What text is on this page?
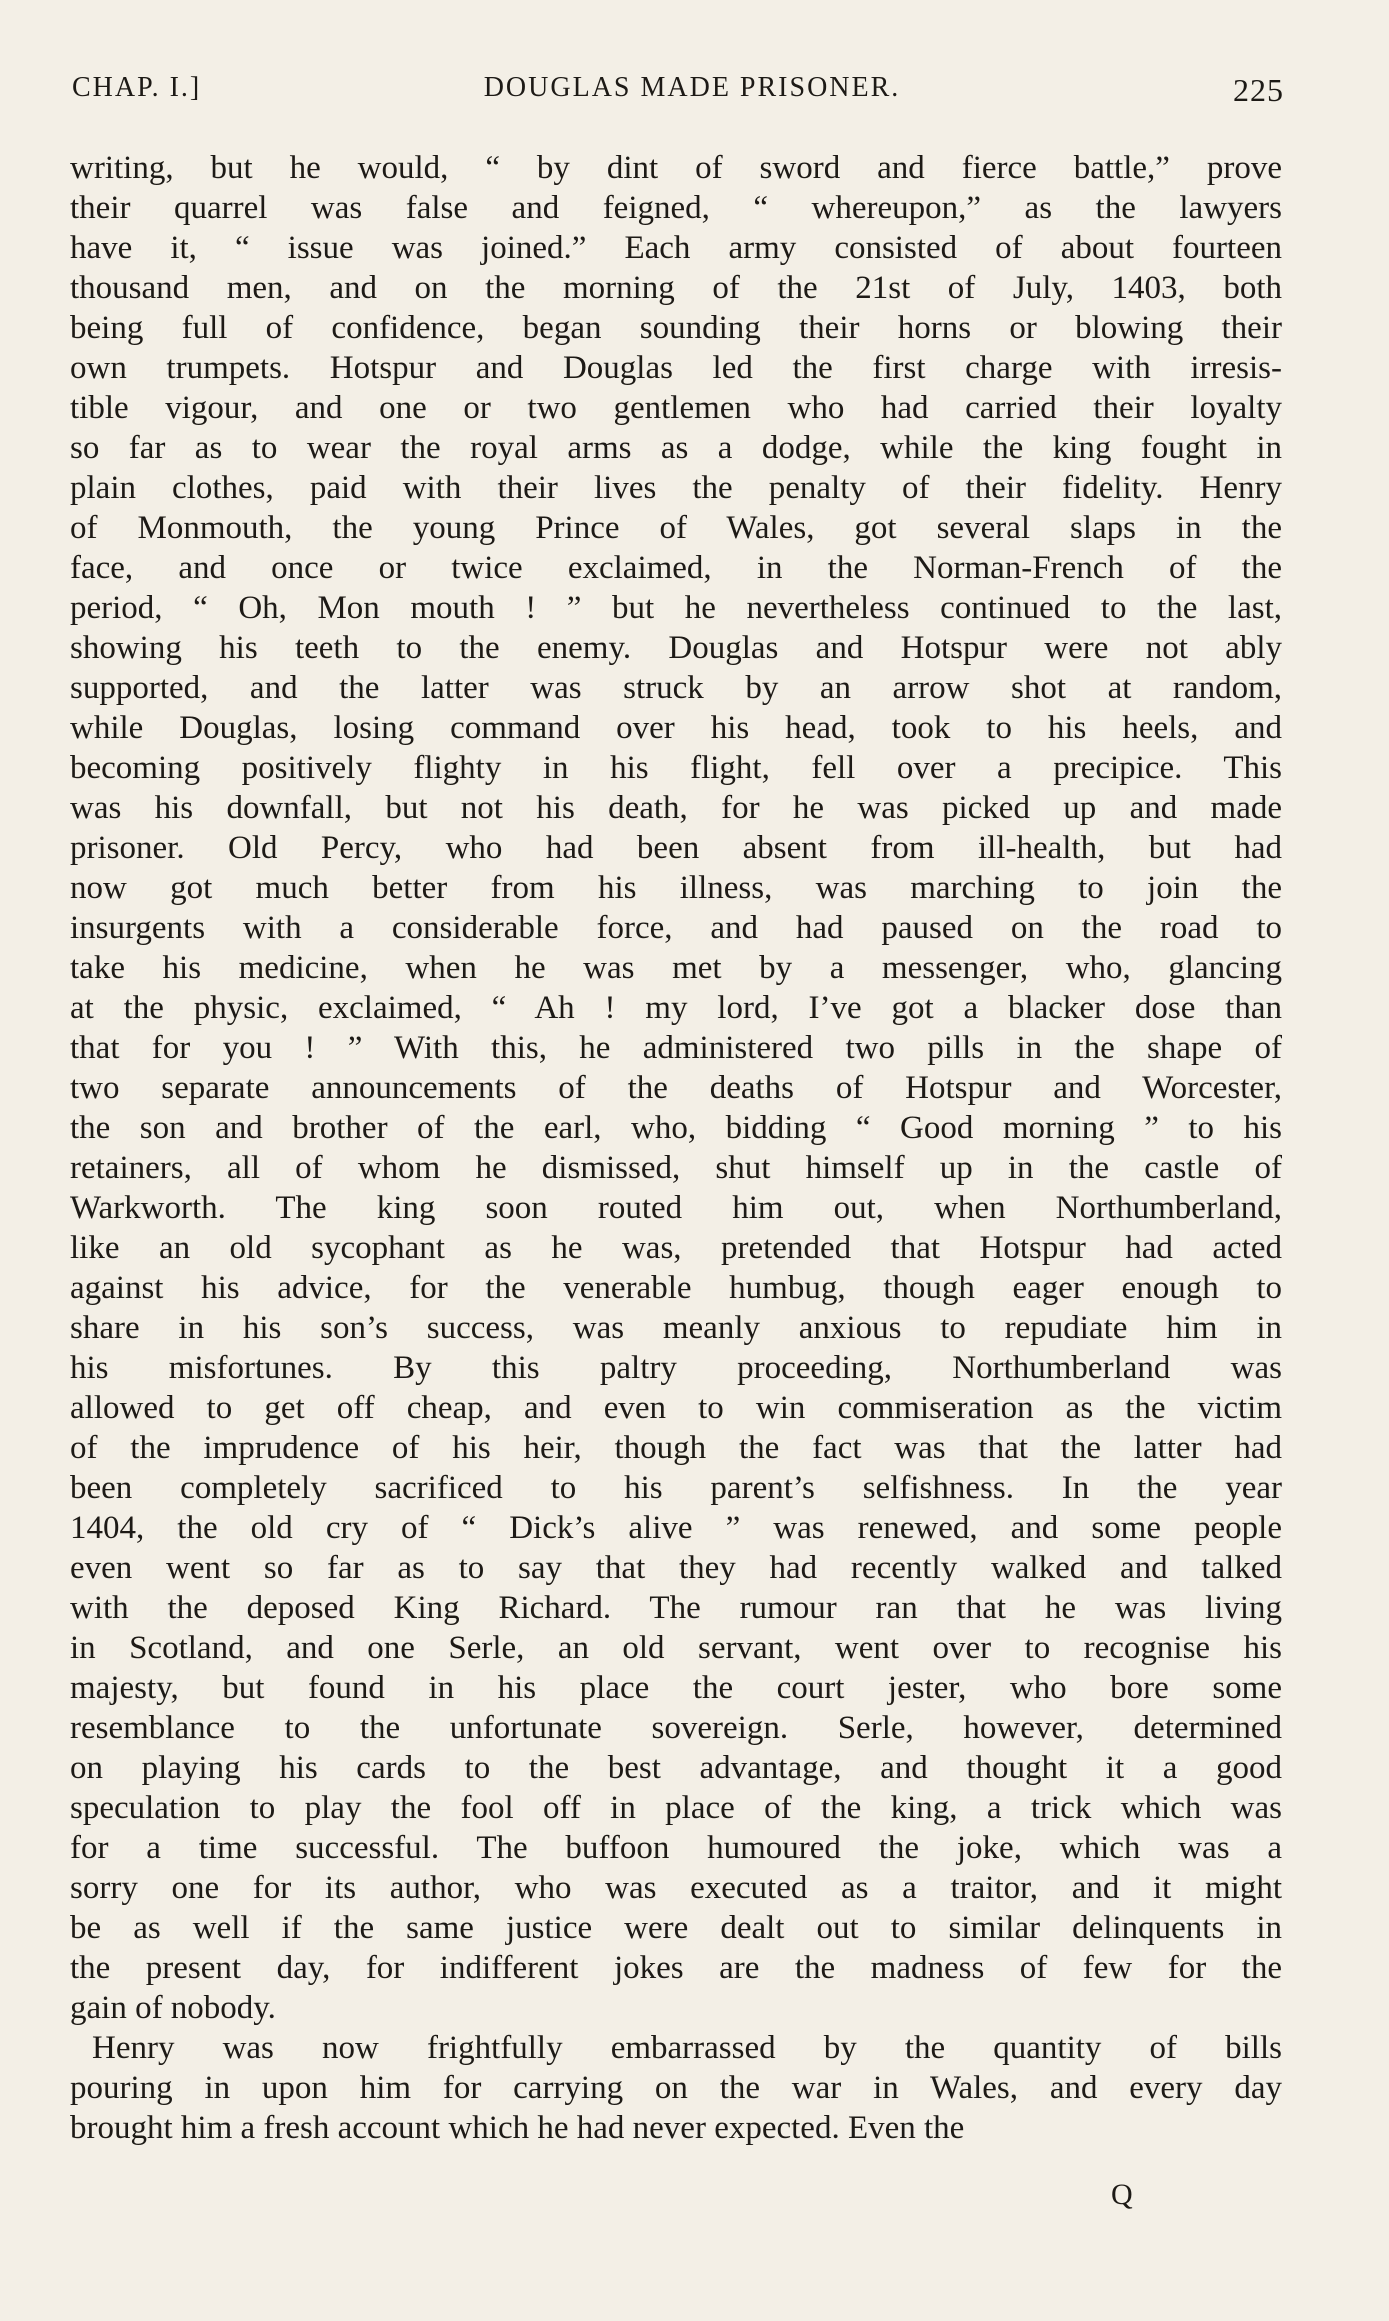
CHAP. I.]	DOUGLAS MADE PRISONER.	225
writing, but he would, “ by dint of sword and fierce battle,” prove
their quarrel was false and feigned, “ whereupon,” as the lawyers
have it, “ issue was joined.” Each army consisted of about fourteen
thousand men, and on the morning of the 21st of July, 1403, both
being full of confidence, began sounding their horns or blowing their
own trumpets. Hotspur and Douglas led the first charge with irresis-
tible vigour, and one or two gentlemen who had carried their loyalty
so far as to wear the royal arms as a dodge, while the king fought in
plain clothes, paid with their lives the penalty of their fidelity. Henry
of Monmouth, the young Prince of Wales, got several slaps in the
face, and once or twice exclaimed, in the Norman-French of the
period, “ Oh, Mon mouth ! ” but he nevertheless continued to the last,
showing his teeth to the enemy. Douglas and Hotspur were not ably
supported, and the latter was struck by an arrow shot at random,
while Douglas, losing command over his head, took to his heels, and
becoming positively flighty in his flight, fell over a precipice. This
was his downfall, but not his death, for he was picked up and made
prisoner. Old Percy, who had been absent from ill-health, but had
now got much better from his illness, was marching to join the
insurgents with a considerable force, and had paused on the road to
take his medicine, when he was met by a messenger, who, glancing
at the physic, exclaimed, “ Ah ! my lord, I’ve got a blacker dose than
that for you ! ” With this, he administered two pills in the shape of
two separate announcements of the deaths of Hotspur and Worcester,
the son and brother of the earl, who, bidding “ Good morning ” to his
retainers, all of whom he dismissed, shut himself up in the castle of
Warkworth. The king soon routed him out, when Northumberland,
like an old sycophant as he was, pretended that Hotspur had acted
against his advice, for the venerable humbug, though eager enough to
share in his son’s success, was meanly anxious to repudiate him in
his misfortunes. By this paltry proceeding, Northumberland was
allowed to get off cheap, and even to win commiseration as the victim
of the imprudence of his heir, though the fact was that the latter had
been completely sacrificed to his parent’s selfishness. In the year
1404, the old cry of “ Dick’s alive ” was renewed, and some people
even went so far as to say that they had recently walked and talked
with the deposed King Richard. The rumour ran that he was living
in Scotland, and one Serle, an old servant, went over to recognise his
majesty, but found in his place the court jester, who bore some
resemblance to the unfortunate sovereign. Serle, however, determined
on playing his cards to the best advantage, and thought it a good
speculation to play the fool off in place of the king, a trick which was
for a time successful. The buffoon humoured the joke, which was a
sorry one for its author, who was executed as a traitor, and it might
be as well if the same justice were dealt out to similar delinquents in
the present day, for indifferent jokes are the madness of few for the
gain of nobody.
Henry was now frightfully embarrassed by the quantity of bills
pouring in upon him for carrying on the war in Wales, and every day
brought him a fresh account which he had never expected. Even the
Q
